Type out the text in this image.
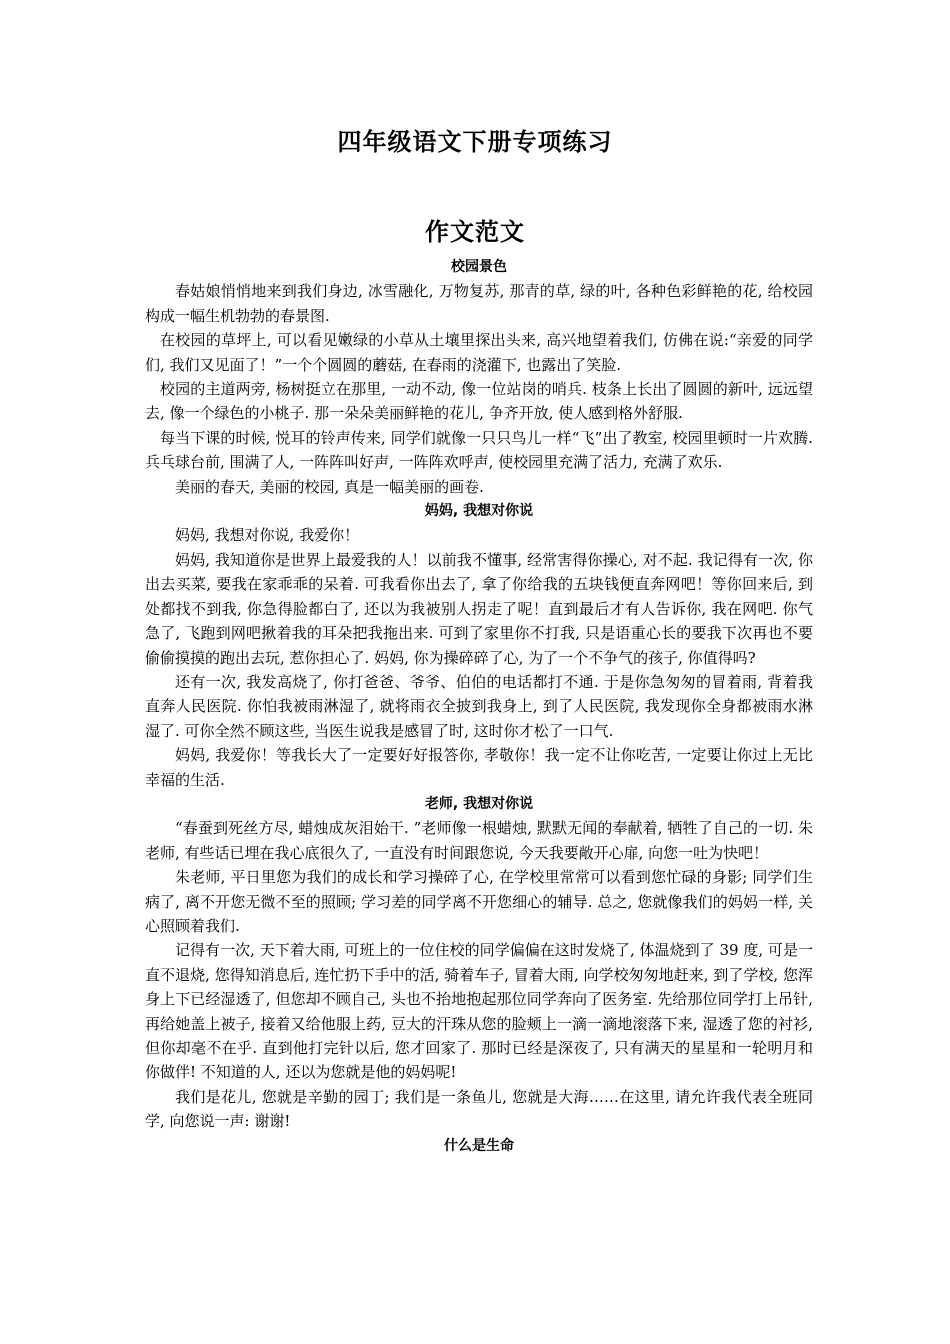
四年级语文下册专项练习
作文范文
校园景色
春姑娘悄悄地来到我们身边, 冰雪融化, 万物复苏, 那青的草, 绿的叶, 各种色彩鲜艳的花, 给校园构成一幅生机勃勃的春景图.
在校园的草坪上, 可以看见嫩绿的小草从土壤里探出头来, 高兴地望着我们, 仿佛在说:“亲爱的同学们, 我们又见面了！”一个个圆圆的蘑菇, 在春雨的浇灌下, 也露出了笑脸.
校园的主道两旁, 杨树挺立在那里, 一动不动, 像一位站岗的哨兵. 枝条上长出了圆圆的新叶, 远远望去, 像一个绿色的小桃子. 那一朵朵美丽鲜艳的花儿, 争齐开放, 使人感到格外舒服.
每当下课的时候, 悦耳的铃声传来, 同学们就像一只只鸟儿一样“飞”出了教室, 校园里顿时一片欢腾. 兵乓球台前, 围满了人, 一阵阵叫好声, 一阵阵欢呼声, 使校园里充满了活力, 充满了欢乐.
美丽的春天, 美丽的校园, 真是一幅美丽的画卷.
妈妈, 我想对你说
妈妈, 我想对你说, 我爱你！
妈妈, 我知道你是世界上最爱我的人！以前我不懂事, 经常害得你操心, 对不起. 我记得有一次, 你出去买菜, 要我在家乖乖的呆着. 可我看你出去了, 拿了你给我的五块钱便直奔网吧！等你回来后, 到处都找不到我, 你急得脸都白了, 还以为我被别人拐走了呢！直到最后才有人告诉你, 我在网吧. 你气急了, 飞跑到网吧揪着我的耳朵把我拖出来. 可到了家里你不打我, 只是语重心长的要我下次再也不要偷偷摸摸的跑出去玩, 惹你担心了. 妈妈, 你为操碎碎了心, 为了一个不争气的孩子, 你值得吗?
还有一次, 我发高烧了, 你打爸爸、爷爷、伯伯的电话都打不通. 于是你急匆匆的冒着雨, 背着我直奔人民医院. 你怕我被雨淋湿了, 就将雨衣全披到我身上, 到了人民医院, 我发现你全身都被雨水淋湿了. 可你全然不顾这些, 当医生说我是感冒了时, 这时你才松了一口气.
妈妈, 我爱你！等我长大了一定要好好报答你, 孝敬你！我一定不让你吃苦, 一定要让你过上无比幸福的生活.
老师, 我想对你说
“春蚕到死丝方尽, 蜡烛成灰泪始干. ”老师像一根蜡烛, 默默无闻的奉献着, 牺牲了自己的一切. 朱老师, 有些话已埋在我心底很久了, 一直没有时间跟您说, 今天我要敞开心扉, 向您一吐为快吧！
朱老师, 平日里您为我们的成长和学习操碎了心, 在学校里常常可以看到您忙碌的身影; 同学们生病了, 离不开您无微不至的照顾; 学习差的同学离不开您细心的辅导. 总之, 您就像我们的妈妈一样, 关心照顾着我们.
记得有一次, 天下着大雨, 可班上的一位住校的同学偏偏在这时发烧了, 体温烧到了 39 度, 可是一直不退烧, 您得知消息后, 连忙扔下手中的活, 骑着车子, 冒着大雨, 向学校匆匆地赶来, 到了学校, 您浑身上下已经湿透了, 但您却不顾自己, 头也不抬地抱起那位同学奔向了医务室. 先给那位同学打上吊针, 再给她盖上被子, 接着又给他服上药, 豆大的汗珠从您的脸颊上一滴一滴地滚落下来, 湿透了您的衬衫, 但你却毫不在乎. 直到他打完针以后, 您才回家了. 那时已经是深夜了, 只有满天的星星和一轮明月和你做伴! 不知道的人, 还以为您就是他的妈妈呢!
我们是花儿, 您就是辛勤的园丁; 我们是一条鱼儿, 您就是大海……在这里, 请允许我代表全班同学, 向您说一声: 谢谢!
什么是生命
